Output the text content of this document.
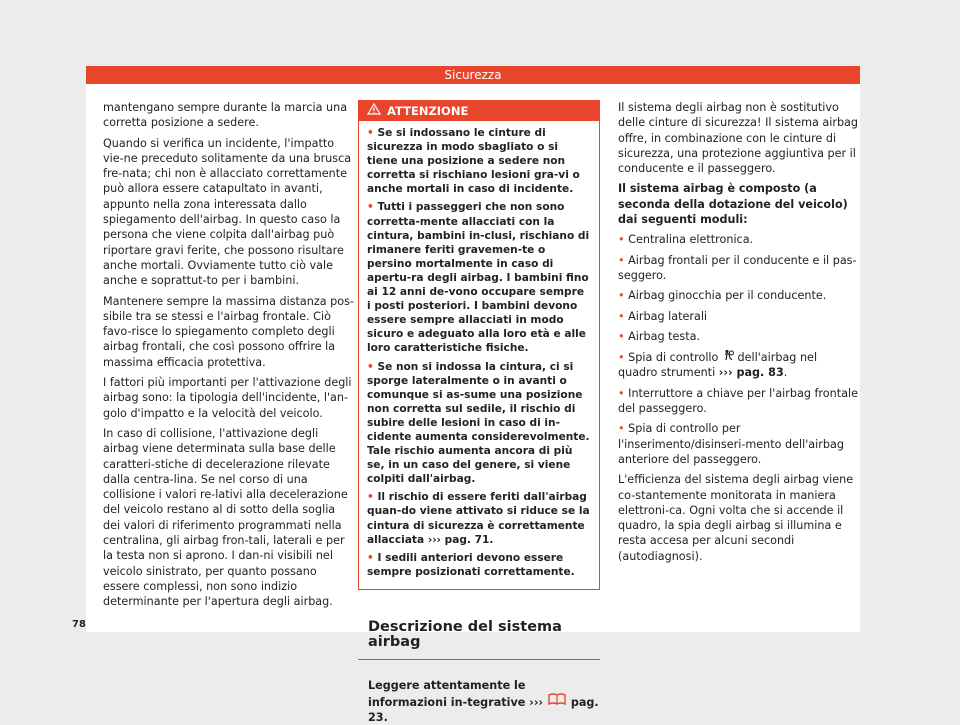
Sicurezza

mantengano sempre durante la marcia una corretta posizione a sedere.

Quando si verifica un incidente, l'impatto vie-ne preceduto solitamente da una brusca fre-nata; chi non è allacciato correttamente può allora essere catapultato in avanti, appunto nella zona interessata dallo spiegamento dell'airbag. In questo caso la persona che viene colpita dall'airbag può riportare gravi ferite, che possono risultare anche mortali. Ovviamente tutto ciò vale anche e soprattut-to per i bambini.

Mantenere sempre la massima distanza pos-sibile tra se stessi e l'airbag frontale. Ciò favo-risce lo spiegamento completo degli airbag frontali, che così possono offrire la massima efficacia protettiva.

I fattori più importanti per l'attivazione degli airbag sono: la tipologia dell'incidente, l'an-golo d'impatto e la velocità del veicolo.

In caso di collisione, l'attivazione degli airbag viene determinata sulla base delle caratteri-stiche di decelerazione rilevate dalla centra-lina. Se nel corso di una collisione i valori re-lativi alla decelerazione del veicolo restano al di sotto della soglia dei valori di riferimento programmati nella centralina, gli airbag fron-tali, laterali e per la testa non si aprono. I dan-ni visibili nel veicolo sinistrato, per quanto possano essere complessi, non sono indizio determinante per l'apertura degli airbag.

ATTENZIONE

• Se si indossano le cinture di sicurezza in modo sbagliato o si tiene una posizione a sedere non corretta si rischiano lesioni gra-vi o anche mortali in caso di incidente.

• Tutti i passeggeri che non sono corretta-mente allacciati con la cintura, bambini in-clusi, rischiano di rimanere feriti gravemen-te o persino mortalmente in caso di apertu-ra degli airbag. I bambini fino ai 12 anni de-vono occupare sempre i posti posteriori. I bambini devono essere sempre allacciati in modo sicuro e adeguato alla loro età e alle loro caratteristiche fisiche.

• Se non si indossa la cintura, ci si sporge lateralmente o in avanti o comunque si as-sume una posizione non corretta sul sedile, il rischio di subire delle lesioni in caso di in-cidente aumenta considerevolmente. Tale rischio aumenta ancora di più se, in un caso del genere, si viene colpiti dall'airbag.

• Il rischio di essere feriti dall'airbag quan-do viene attivato si riduce se la cintura di sicurezza è correttamente allacciata ››› pag. 71.

• I sedili anteriori devono essere sempre posizionati correttamente.

Descrizione del sistema airbag
Leggere attentamente le informazioni in-tegrative ››› pag. 23.

Il sistema degli airbag non è sostitutivo delle cinture di sicurezza! Il sistema airbag offre, in combinazione con le cinture di sicurezza, una protezione aggiuntiva per il conducente e il passeggero.

Il sistema airbag è composto (a seconda della dotazione del veicolo) dai seguenti moduli:

• Centralina elettronica.
• Airbag frontali per il conducente e il pas-seggero.
• Airbag ginocchia per il conducente.
• Airbag laterali
• Airbag testa.
• Spia di controllo dell'airbag nel quadro strumenti ››› pag. 83.
• Interruttore a chiave per l'airbag frontale del passeggero.
• Spia di controllo per l'inserimento/disinseri-mento dell'airbag anteriore del passeggero.

L'efficienza del sistema degli airbag viene co-stantemente monitorata in maniera elettroni-ca. Ogni volta che si accende il quadro, la spia degli airbag si illumina e resta accesa per alcuni secondi (autodiagnosi).

78
